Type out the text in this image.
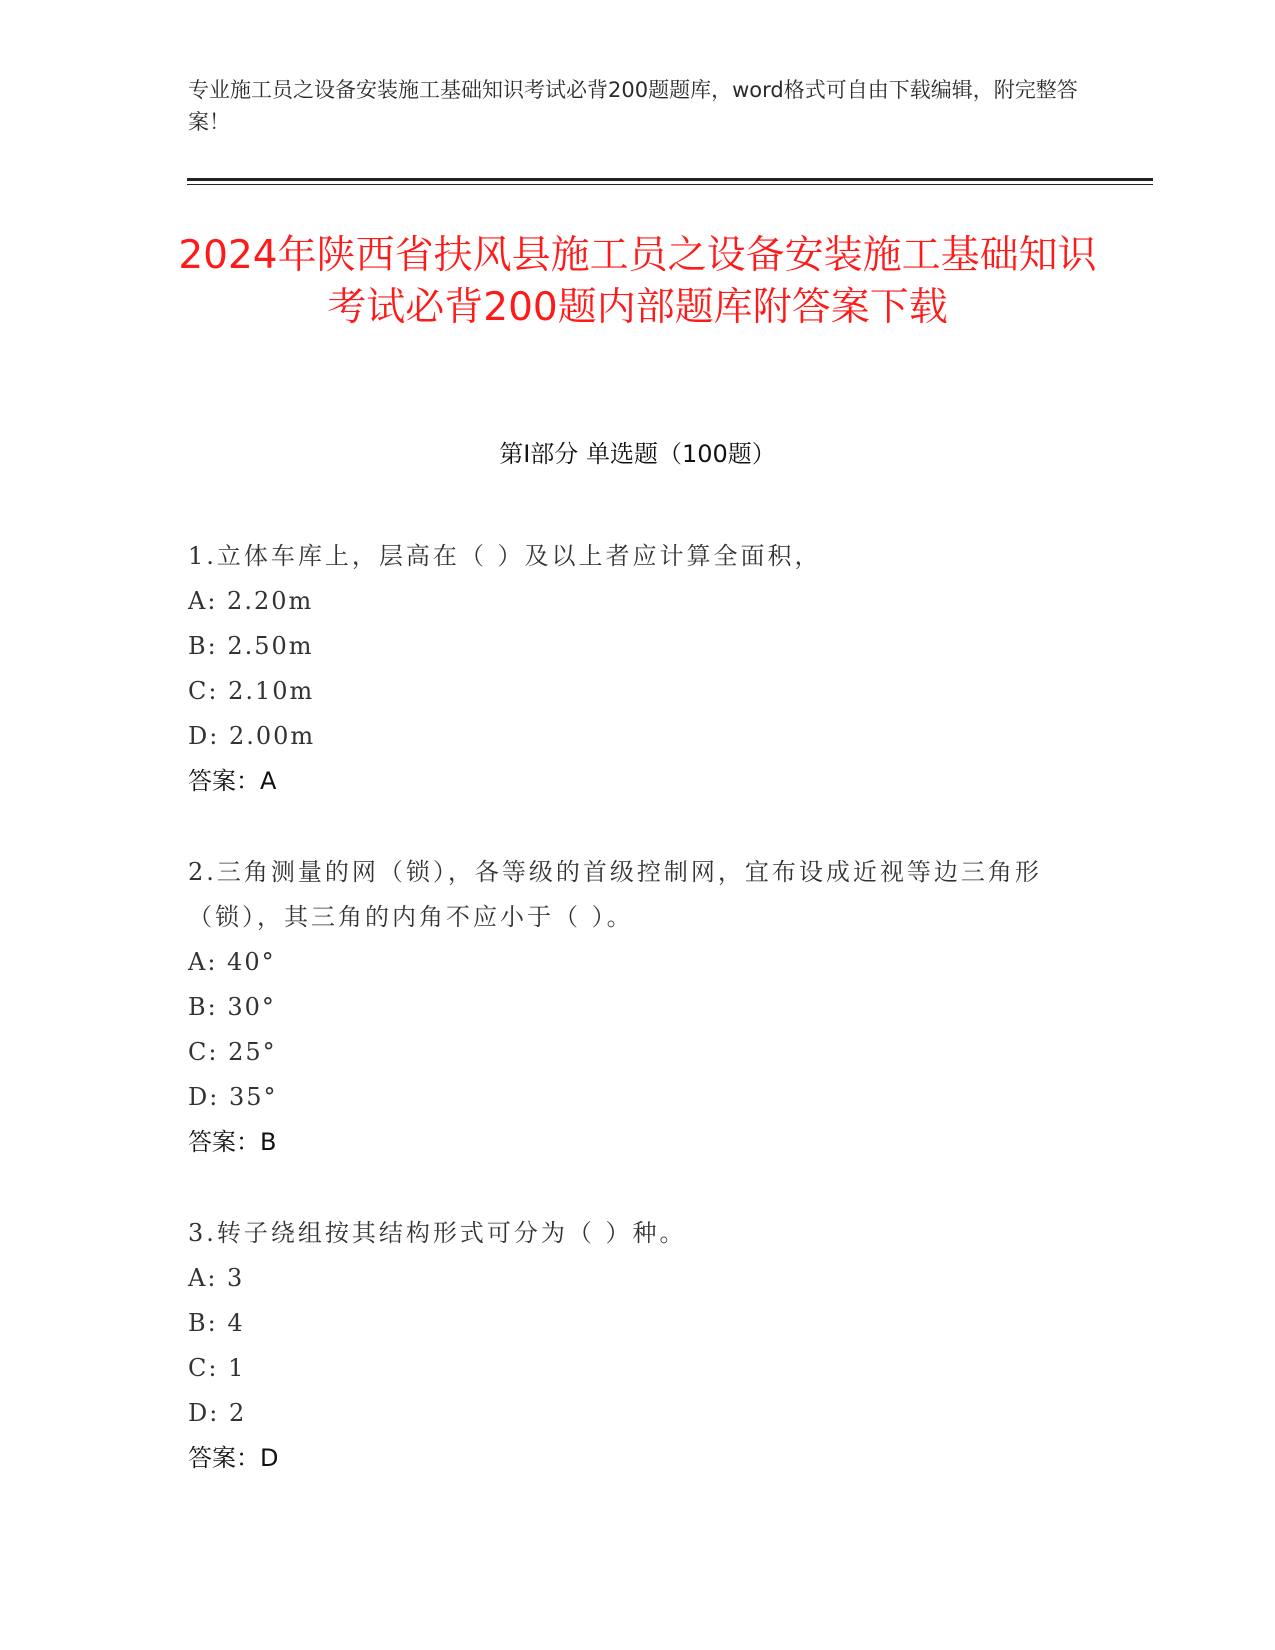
专业施工员之设备安装施工基础知识考试必背200题题库，word格式可自由下载编辑，附完整答案！
2024年陕西省扶风县施工员之设备安装施工基础知识考试必背200题内部题库附答案下载
第I部分 单选题（100题）

1.立体车库上，层高在（ ）及以上者应计算全面积，

A: 2.20m

B: 2.50m

C: 2.10m

D: 2.00m

答案：A

2.三角测量的网（锁），各等级的首级控制网，宜布设成近视等边三角形（锁），其三角的内角不应小于（ ）。

A: 40°

B: 30°

C: 25°

D: 35°

答案：B

3.转子绕组按其结构形式可分为（ ）种。

A: 3

B: 4

C: 1

D: 2

答案：D
